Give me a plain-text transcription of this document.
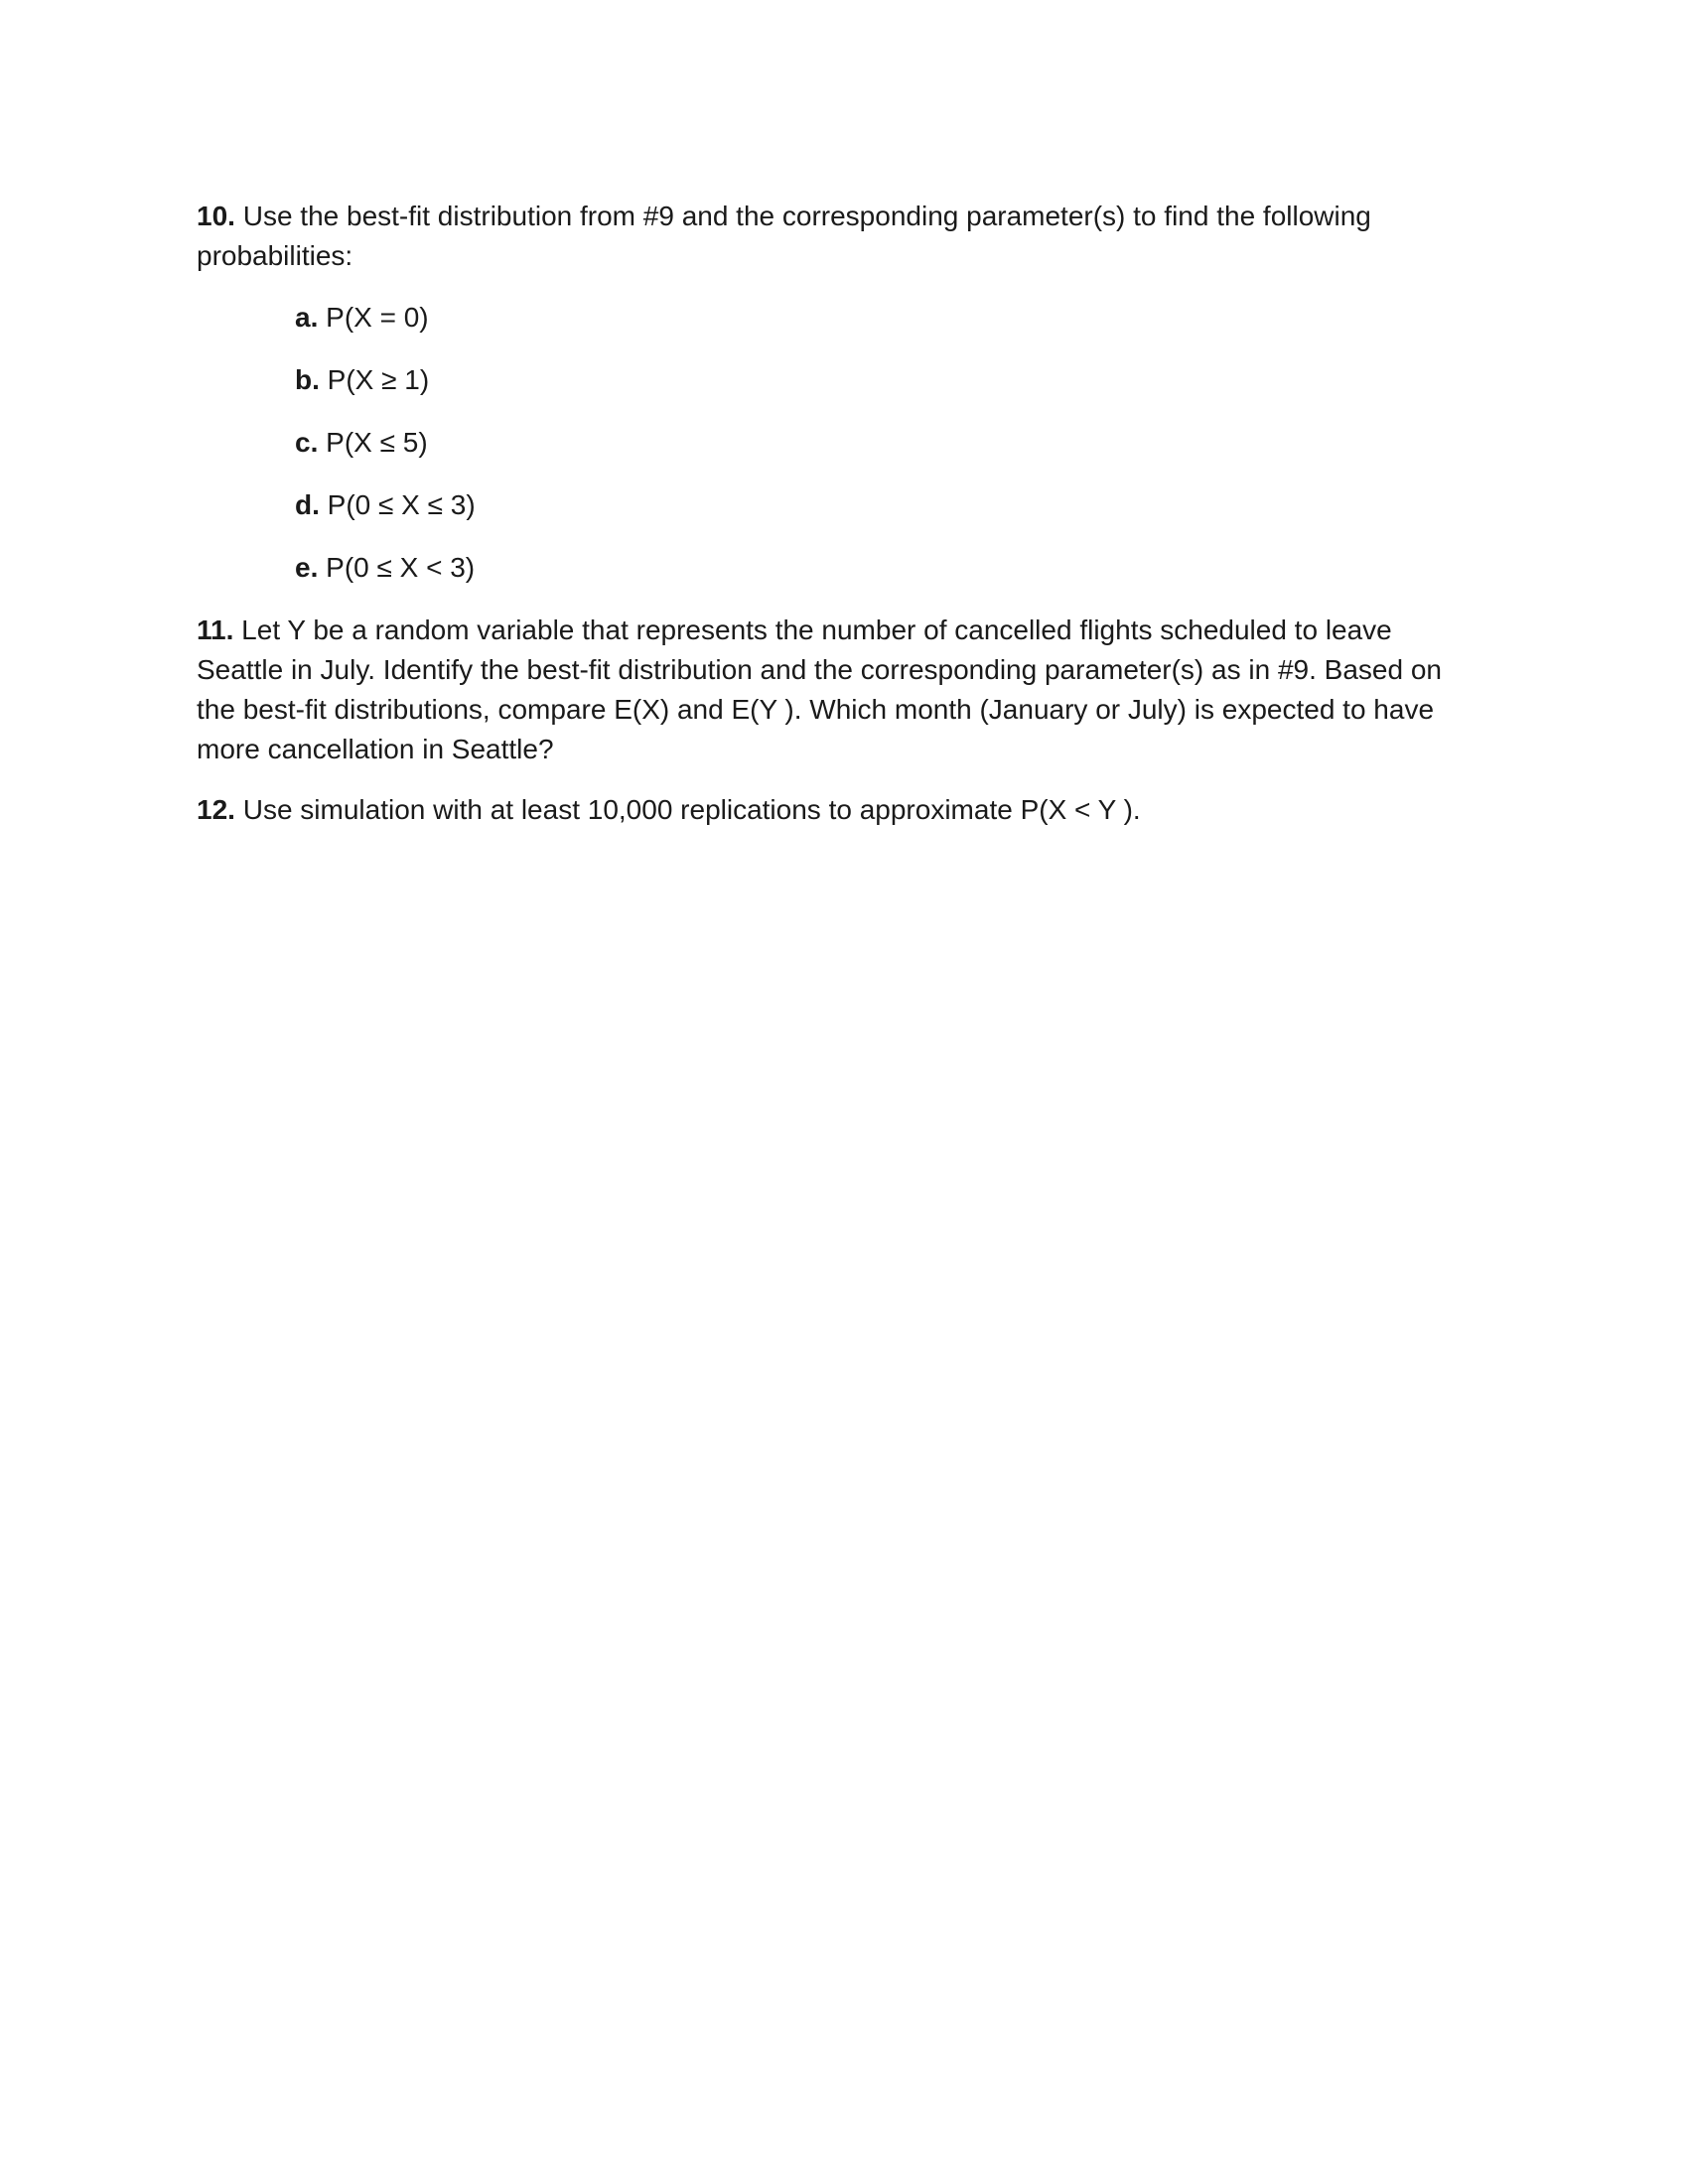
10. Use the best-fit distribution from #9 and the corresponding parameter(s) to find the following probabilities:

a. P(X = 0)

b. P(X ≥ 1)

c. P(X ≤ 5)

d. P(0 ≤ X ≤ 3)

e. P(0 ≤ X < 3)

11. Let Y be a random variable that represents the number of cancelled flights scheduled to leave Seattle in July. Identify the best-fit distribution and the corresponding parameter(s) as in #9. Based on the best-fit distributions, compare E(X) and E(Y ). Which month (January or July) is expected to have more cancellation in Seattle?

12. Use simulation with at least 10,000 replications to approximate P(X < Y ).
